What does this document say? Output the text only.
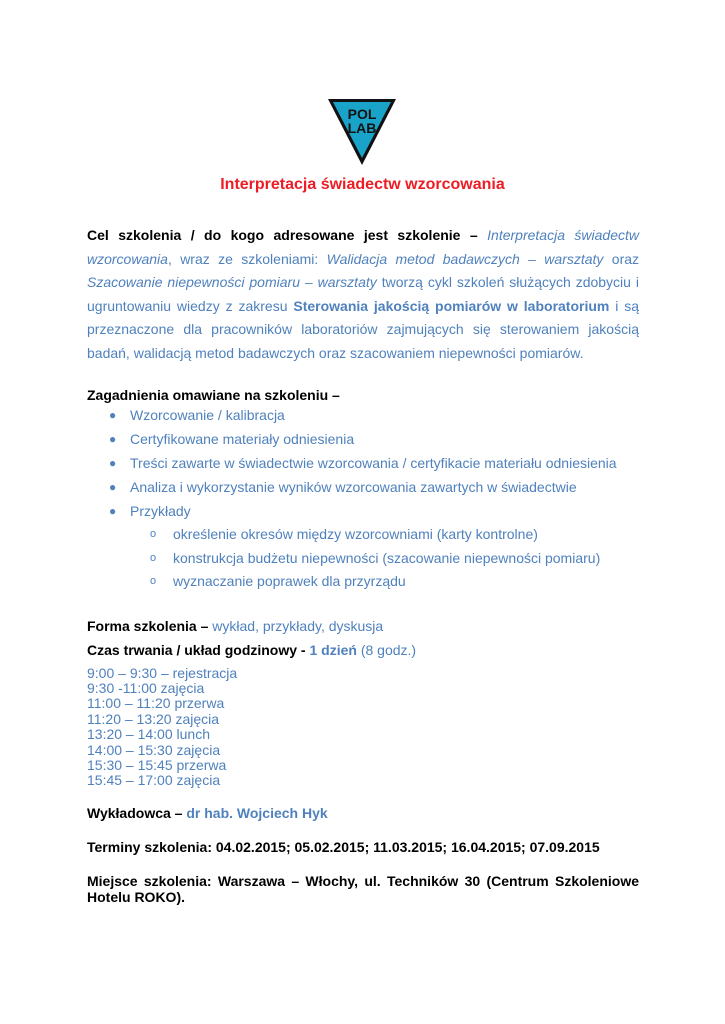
POL
LAB
Interpretacja świadectw wzorcowania
Cel szkolenia / do kogo adresowane jest szkolenie – Interpretacja świadectw wzorcowania, wraz ze szkoleniami: Walidacja metod badawczych – warsztaty oraz Szacowanie niepewności pomiaru – warsztaty tworzą cykl szkoleń służących zdobyciu i ugruntowaniu wiedzy z zakresu Sterowania jakością pomiarów w laboratorium i są przeznaczone dla pracowników laboratoriów zajmujących się sterowaniem jakością badań, walidacją metod badawczych oraz szacowaniem niepewności pomiarów.
Zagadnienia omawiane na szkoleniu –
● Wzorcowanie / kalibracja
● Certyfikowane materiały odniesienia
● Treści zawarte w świadectwie wzorcowania / certyfikacie materiału odniesienia
● Analiza i wykorzystanie wyników wzorcowania zawartych w świadectwie
● Przykłady
o określenie okresów między wzorcowniami (karty kontrolne)
o konstrukcja budżetu niepewności (szacowanie niepewności pomiaru)
o wyznaczanie poprawek dla przyrządu
Forma szkolenia – wykład, przykłady, dyskusja
Czas trwania / układ godzinowy - 1 dzień (8 godz.)
9:00 – 9:30 – rejestracja
9:30 -11:00 zajęcia
11:00 – 11:20 przerwa
11:20 – 13:20 zajęcia
13:20 – 14:00 lunch
14:00 – 15:30 zajęcia
15:30 – 15:45 przerwa
15:45 – 17:00 zajęcia
Wykładowca – dr hab. Wojciech Hyk
Terminy szkolenia: 04.02.2015; 05.02.2015; 11.03.2015; 16.04.2015; 07.09.2015
Miejsce szkolenia: Warszawa – Włochy, ul. Techników 30 (Centrum Szkoleniowe Hotelu ROKO).
